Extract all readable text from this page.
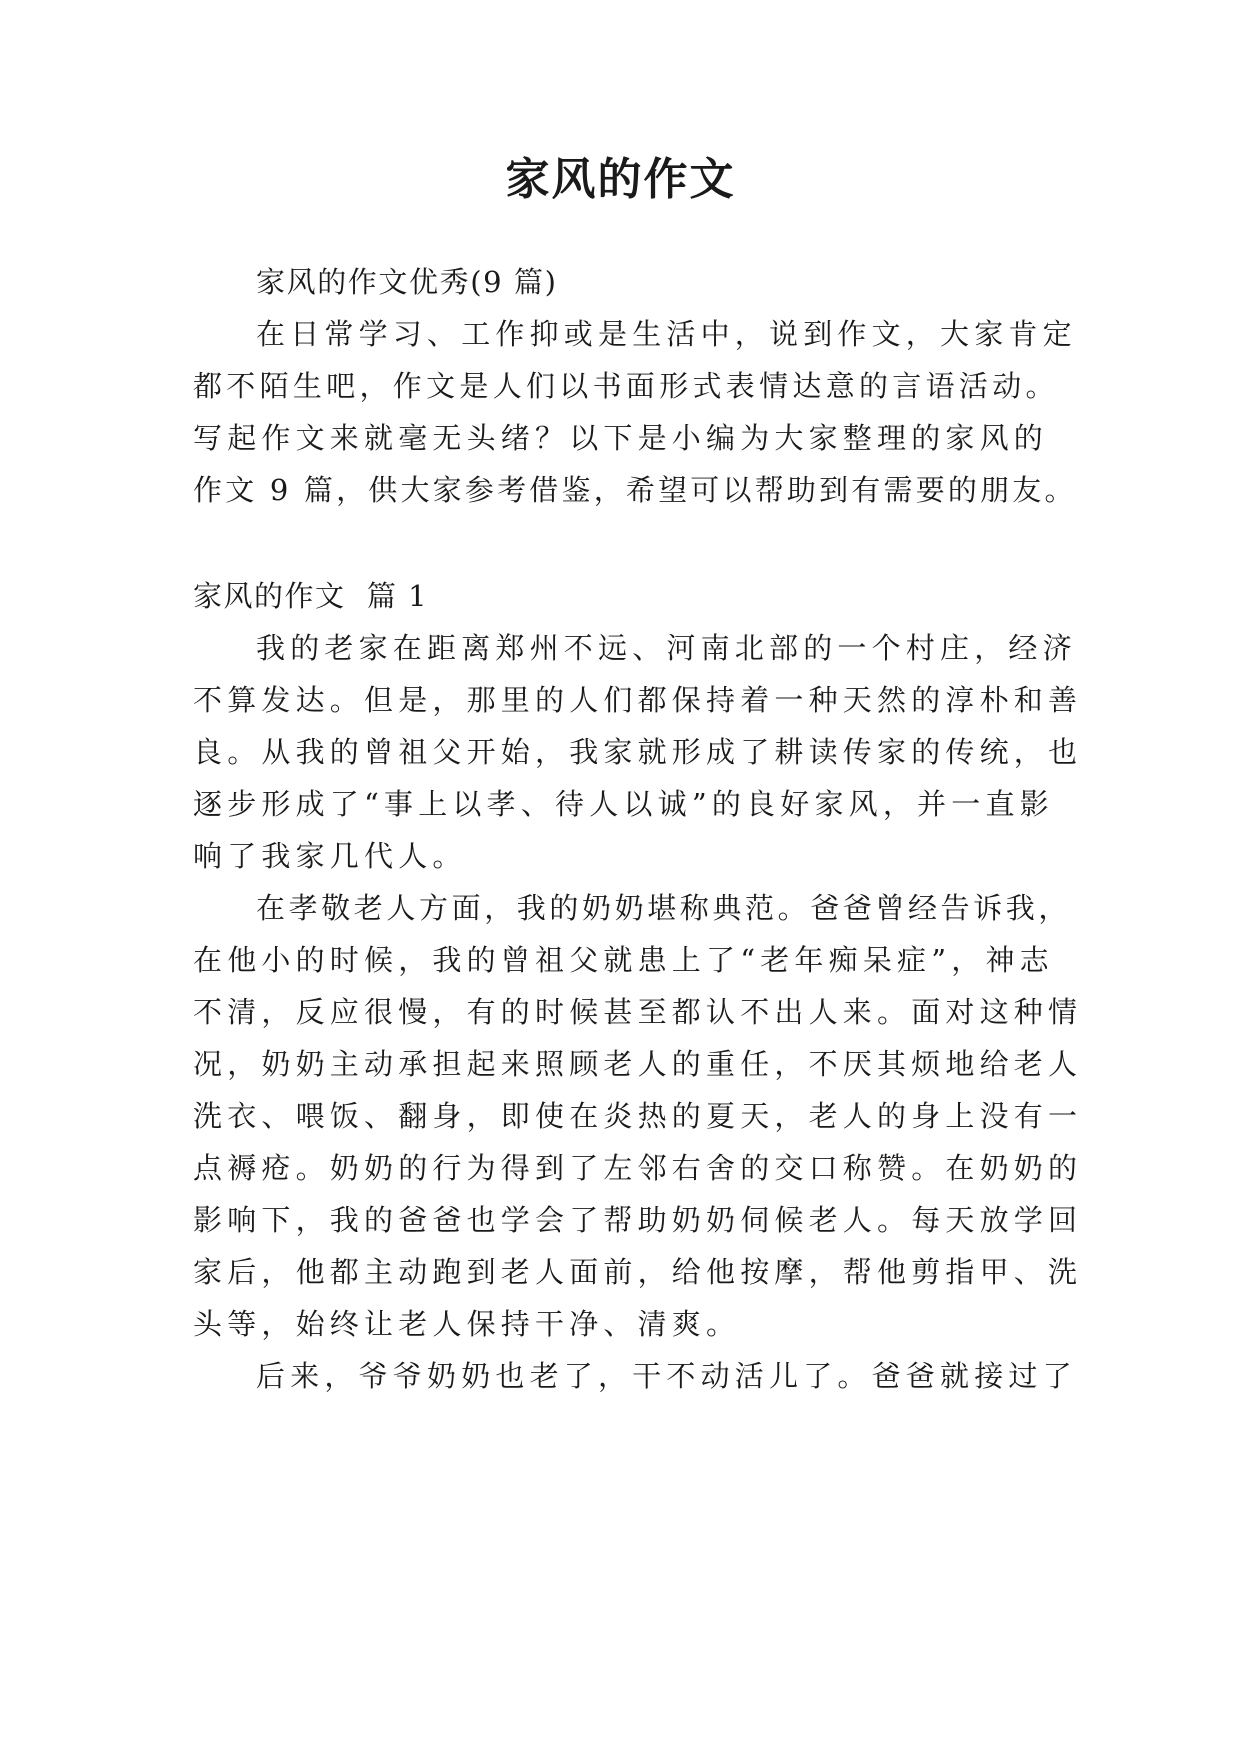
家风的作文
家风的作文优秀(9 篇)
在日常学习、工作抑或是生活中，说到作文，大家肯定
都不陌生吧，作文是人们以书面形式表情达意的言语活动。
写起作文来就毫无头绪？以下是小编为大家整理的家风的
作文 9 篇，供大家参考借鉴，希望可以帮助到有需要的朋友。
家风的作文  篇 1
我的老家在距离郑州不远、河南北部的一个村庄，经济
不算发达。但是，那里的人们都保持着一种天然的淳朴和善
良。从我的曾祖父开始，我家就形成了耕读传家的传统，也
逐步形成了“事上以孝、待人以诚”的良好家风，并一直影
响了我家几代人。
在孝敬老人方面，我的奶奶堪称典范。爸爸曾经告诉我，
在他小的时候，我的曾祖父就患上了“老年痴呆症”，神志
不清，反应很慢，有的时候甚至都认不出人来。面对这种情
况，奶奶主动承担起来照顾老人的重任，不厌其烦地给老人
洗衣、喂饭、翻身，即使在炎热的夏天，老人的身上没有一
点褥疮。奶奶的行为得到了左邻右舍的交口称赞。在奶奶的
影响下，我的爸爸也学会了帮助奶奶伺候老人。每天放学回
家后，他都主动跑到老人面前，给他按摩，帮他剪指甲、洗
头等，始终让老人保持干净、清爽。
后来，爷爷奶奶也老了，干不动活儿了。爸爸就接过了
